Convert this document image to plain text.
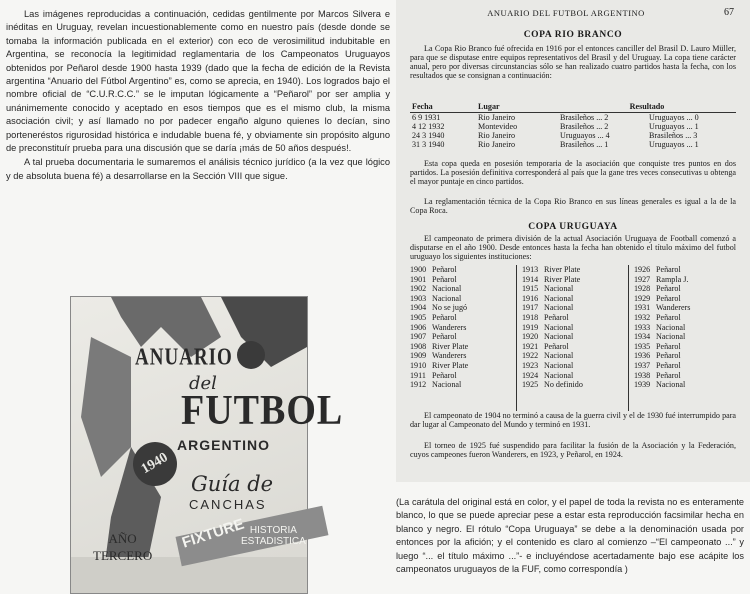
Las imágenes reproducidas a continuación, cedidas gentilmente por Marcos Silvera e inéditas en Uruguay, revelan incuestionablemente como en nuestro país (desde donde se tomaba la información publicada en el exterior) con eco de verosimilitud indubitable en Argentina, se reconocía la legitimidad reglamentaria de los Campeonatos Uruguayos obtenidos por Peñarol desde 1900 hasta 1939 (dado que la fecha de edición de la Revista argentina “Anuario del Fútbol Argentino” es, como se aprecia, en 1940). Los logrados bajo el nombre oficial de “C.U.R.C.C.” se le imputan lógicamente a “Peñarol” por ser amplia y unánimemente conocido y aceptado en esos tiempos que es el mismo club, la misma asociación civil; y así llamado no por padecer engaño alguno quienes lo decían, sino porteneréstos rigurosidad histórica e indudable buena fé, y obviamente sin propósito alguno de preconstituír prueba para una discusión que se daría ¡más de 50 años después!.

A tal prueba documentaria le sumaremos el análisis técnico jurídico (a la vez que lógico y de absoluta buena fé) a desarrollarse en la Sección VIII que sigue.

ANUARIO
del
FUTBOL
ARGENTINO
1940
Guía de
CANCHAS
FIXTURE HISTORIA
ESTADISTICA
AÑO
TERCERO
ANUARIO DEL FUTBOL ARGENTINO	67
COPA RIO BRANCO
La Copa Rio Branco fué ofrecida en 1916 por el entonces canciller del Brasil D. Lauro Müller, para que se disputase entre equipos representativos del Brasil y del Uruguay. La copa tiene carácter anual, pero por diversas circunstancias sólo se han realizado cuatro partidos hasta la fecha, con los resultados que se consignan a continuación:
Fecha	Lugar	Resultado	
6 9 1931	Rio Janeiro	Brasileños ... 2	Uruguayos ... 0
4 12 1932	Montevideo	Brasileños ... 2	Uruguayos ... 1
24 3 1940	Rio Janeiro	Uruguayos ... 4	Brasileños ... 3
31 3 1940	Rio Janeiro	Brasileños ... 1	Uruguayos ... 1
Esta copa queda en posesión temporaria de la asociación que conquiste tres puntos en dos partidos. La posesión definitiva corresponderá al país que la gane tres veces consecutivas u obtenga el mayor puntaje en cinco partidos.
La reglamentación técnica de la Copa Rio Branco en sus líneas generales es igual a la de la Copa Roca.
COPA URUGUAYA
El campeonato de primera división de la actual Asociación Uruguaya de Football comenzó a disputarse en el año 1900. Desde entonces hasta la fecha han obtenido el título máximo del futbol uruguayo los siguientes instituciones:
1900 Peñarol
1901 Peñarol
1902 Nacional
1903 Nacional
1904 No se jugó
1905 Peñarol
1906 Wanderers
1907 Peñarol
1908 River Plate
1909 Wanderers
1910 River Plate
1911 Peñarol
1912 Nacional
1913 River Plate
1914 River Plate
1915 Nacional
1916 Nacional
1917 Nacional
1918 Peñarol
1919 Nacional
1920 Nacional
1921 Peñarol
1922 Nacional
1923 Nacional
1924 Nacional
1925 No definido
1926 Peñarol
1927 Rampla J.
1928 Peñarol
1929 Peñarol
1931 Wanderers
1932 Peñarol
1933 Nacional
1934 Nacional
1935 Peñarol
1936 Peñarol
1937 Peñarol
1938 Peñarol
1939 Nacional
El campeonato de 1904 no terminó a causa de la guerra civil y el de 1930 fué interrumpido para dar lugar al Campeonato del Mundo y terminó en 1931.
El torneo de 1925 fué suspendido para facilitar la fusión de la Asociación y la Federación, cuyos campeones fueron Wanderers, en 1923, y Peñarol, en 1924.
(La carátula del original está en color, y el papel de toda la revista no es enteramente blanco, lo que se puede apreciar pese a estar esta reproducción facsimilar hecha en blanco y negro. El rótulo “Copa Uruguaya” se debe a la denominación usada por entonces por la afición; y el contenido es claro al comienzo –“El campeonato ...” y luego “... el título máximo ...”- e incluyéndose acertadamente bajo ese acápite los campeonatos uruguayos de la FUF, como correspondía )
